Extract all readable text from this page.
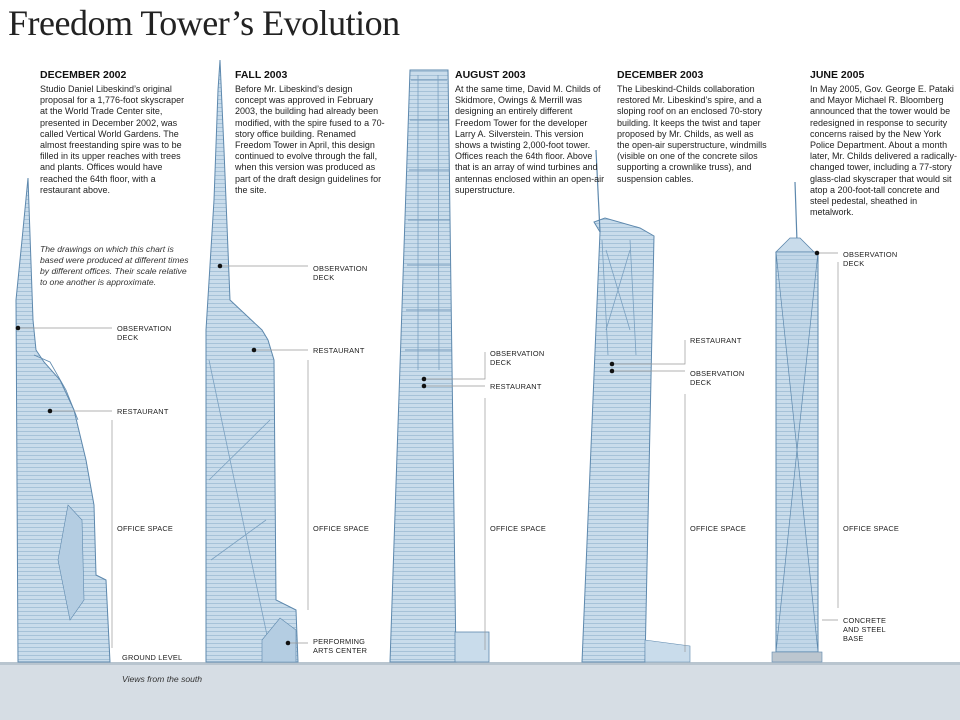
Freedom Tower’s Evolution
DECEMBER 2002
Studio Daniel Libeskind’s original proposal for a 1,776-foot skyscraper at the World Trade Center site, presented in December 2002, was called Vertical World Gardens. The almost freestanding spire was to be filled in its upper reaches with trees and plants. Offices would have reached the 64th floor, with a restaurant above.
The drawings on which this chart is based were produced at different times by different offices. Their scale relative to one another is approximate.
OBSERVATION DECK
RESTAURANT
OFFICE SPACE
GROUND LEVEL
Views from the south
FALL 2003
Before Mr. Libeskind’s design concept was approved in February 2003, the building had already been modified, with the spire fused to a 70-story office building. Renamed Freedom Tower in April, this design continued to evolve through the fall, when this version was produced as part of the draft design guidelines for the site.
OBSERVATION DECK
RESTAURANT
OFFICE SPACE
PERFORMING ARTS CENTER
AUGUST 2003
At the same time, David M. Childs of Skidmore, Owings & Merrill was designing an entirely different Freedom Tower for the developer Larry A. Silverstein. This version shows a twisting 2,000-foot tower. Offices reach the 64th floor. Above that is an array of wind turbines and antennas enclosed within an open-air superstructure.
OBSERVATION DECK
RESTAURANT
OFFICE SPACE
DECEMBER 2003
The Libeskind-Childs collaboration restored Mr. Libeskind’s spire, and a sloping roof on an enclosed 70-story building. It keeps the twist and taper proposed by Mr. Childs, as well as the open-air superstructure, windmills (visible on one of the concrete silos supporting a crownlike truss), and suspension cables.
RESTAURANT
OBSERVATION DECK
OFFICE SPACE
JUNE 2005
In May 2005, Gov. George E. Pataki and Mayor Michael R. Bloomberg announced that the tower would be redesigned in response to security concerns raised by the New York Police Department. About a month later, Mr. Childs delivered a radically-changed tower, including a 77-story glass-clad skyscraper that would sit atop a 200-foot-tall concrete and steel pedestal, sheathed in metalwork.
OBSERVATION DECK
OFFICE SPACE
CONCRETE AND STEEL BASE
